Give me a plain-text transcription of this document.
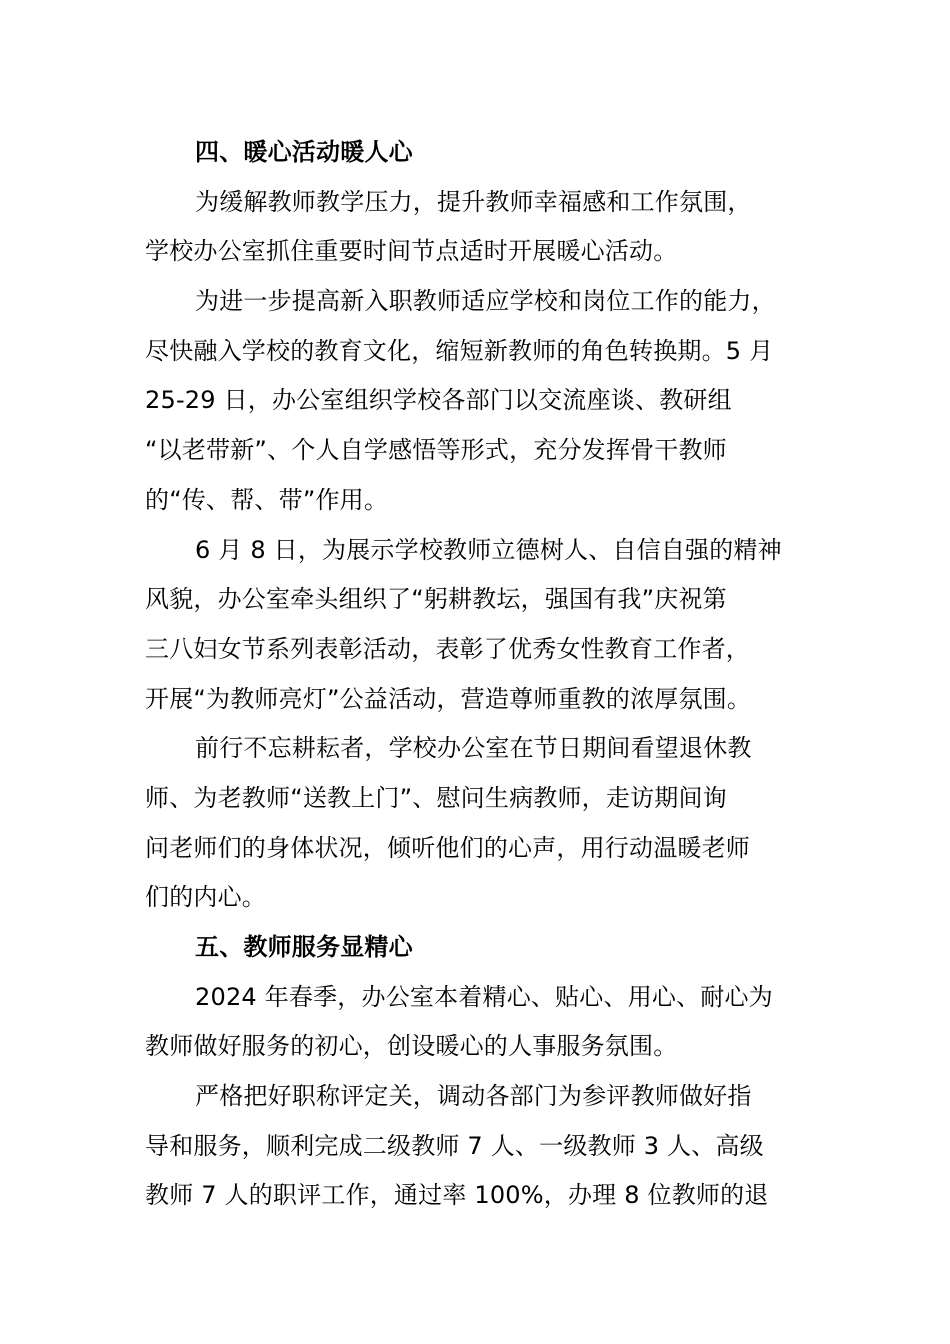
四、暖心活动暖人心
为缓解教师教学压力，提升教师幸福感和工作氛围，
学校办公室抓住重要时间节点适时开展暖心活动。
为进一步提高新入职教师适应学校和岗位工作的能力，
尽快融入学校的教育文化，缩短新教师的角色转换期。5 月
25-29 日，办公室组织学校各部门以交流座谈、教研组
“以老带新”、个人自学感悟等形式，充分发挥骨干教师
的“传、帮、带”作用。
6 月 8 日，为展示学校教师立德树人、自信自强的精神
风貌，办公室牵头组织了“躬耕教坛，强国有我”庆祝第
三八妇女节系列表彰活动，表彰了优秀女性教育工作者，
开展“为教师亮灯”公益活动，营造尊师重教的浓厚氛围。
前行不忘耕耘者，学校办公室在节日期间看望退休教
师、为老教师“送教上门”、慰问生病教师，走访期间询
问老师们的身体状况，倾听他们的心声，用行动温暖老师
们的内心。
五、教师服务显精心
2024 年春季，办公室本着精心、贴心、用心、耐心为
教师做好服务的初心，创设暖心的人事服务氛围。
严格把好职称评定关，调动各部门为参评教师做好指
导和服务，顺利完成二级教师 7 人、一级教师 3 人、高级
教师 7 人的职评工作，通过率 100%，办理 8 位教师的退
